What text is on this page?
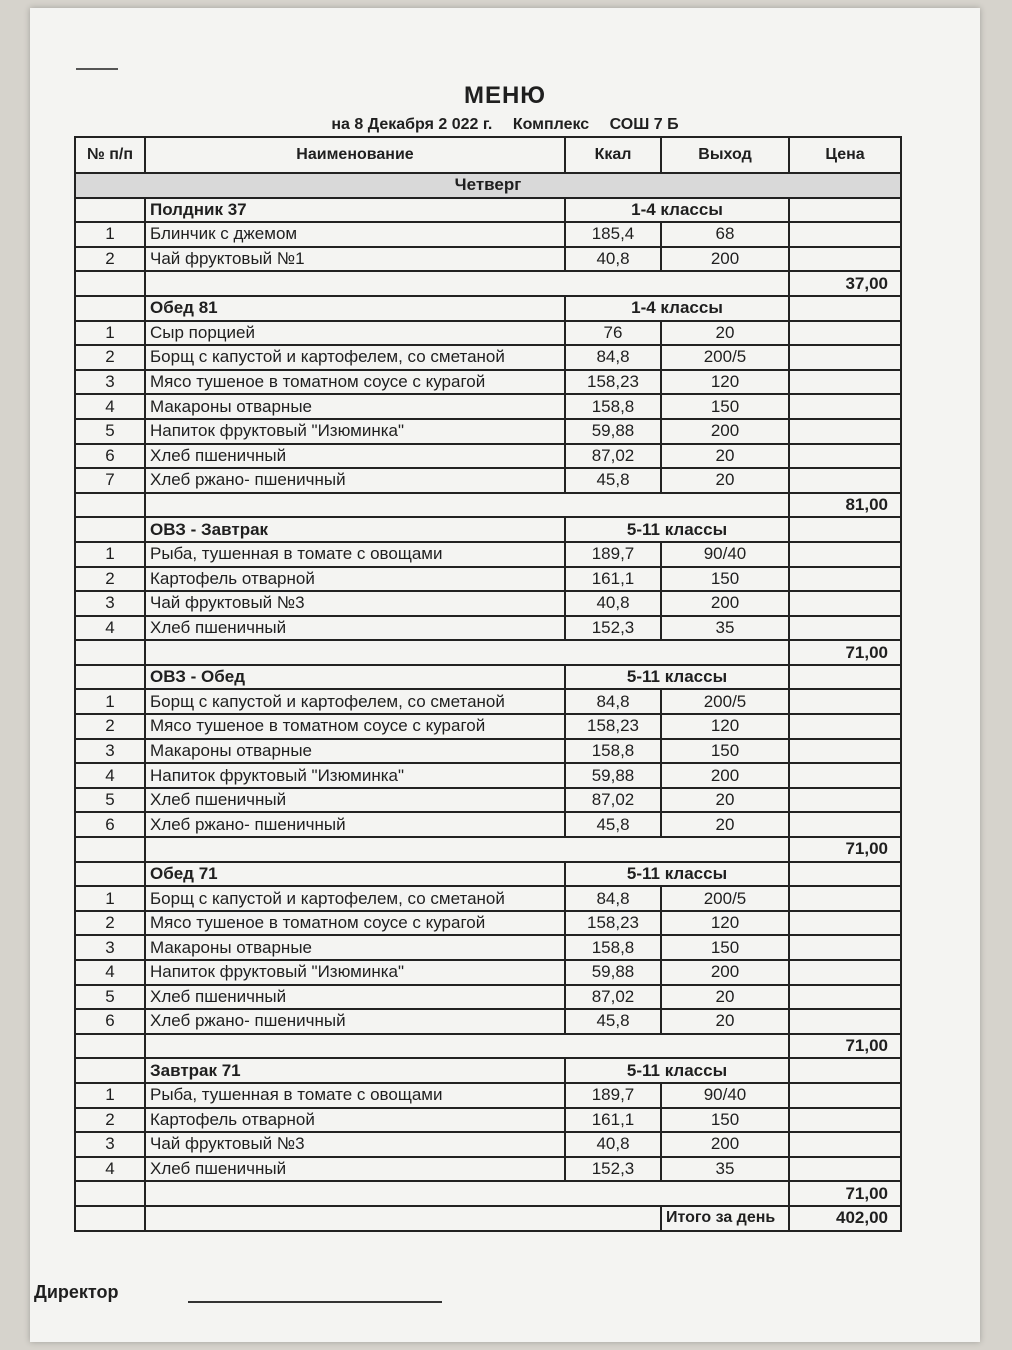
МЕНЮ
на 8 Декабря 2 022 г. Комплекс СОШ 7 Б
№ п/п	Наименование	Ккал	Выход	Цена
Четверг				
	Полдник 37	1-4 классы		
1	Блинчик с джемом	185,4	68	
2	Чай фруктовый №1	40,8	200	
				37,00
	Обед 81	1-4 классы		
1	Сыр порцией	76	20	
2	Борщ с капустой и картофелем, со сметаной	84,8	200/5	
3	Мясо тушеное в томатном соусе с курагой	158,23	120	
4	Макароны отварные	158,8	150	
5	Напиток фруктовый "Изюминка"	59,88	200	
6	Хлеб пшеничный	87,02	20	
7	Хлеб ржано- пшеничный	45,8	20	
				81,00
	ОВЗ - Завтрак	5-11 классы		
1	Рыба, тушенная в томате с овощами	189,7	90/40	
2	Картофель отварной	161,1	150	
3	Чай фруктовый №3	40,8	200	
4	Хлеб пшеничный	152,3	35	
				71,00
	ОВЗ - Обед	5-11 классы		
1	Борщ с капустой и картофелем, со сметаной	84,8	200/5	
2	Мясо тушеное в томатном соусе с курагой	158,23	120	
3	Макароны отварные	158,8	150	
4	Напиток фруктовый "Изюминка"	59,88	200	
5	Хлеб пшеничный	87,02	20	
6	Хлеб ржано- пшеничный	45,8	20	
				71,00
	Обед 71	5-11 классы		
1	Борщ с капустой и картофелем, со сметаной	84,8	200/5	
2	Мясо тушеное в томатном соусе с курагой	158,23	120	
3	Макароны отварные	158,8	150	
4	Напиток фруктовый "Изюминка"	59,88	200	
5	Хлеб пшеничный	87,02	20	
6	Хлеб ржано- пшеничный	45,8	20	
				71,00
	Завтрак 71	5-11 классы		
1	Рыба, тушенная в томате с овощами	189,7	90/40	
2	Картофель отварной	161,1	150	
3	Чай фруктовый №3	40,8	200	
4	Хлеб пшеничный	152,3	35	
				71,00
			Итого за день	402,00
Директор
